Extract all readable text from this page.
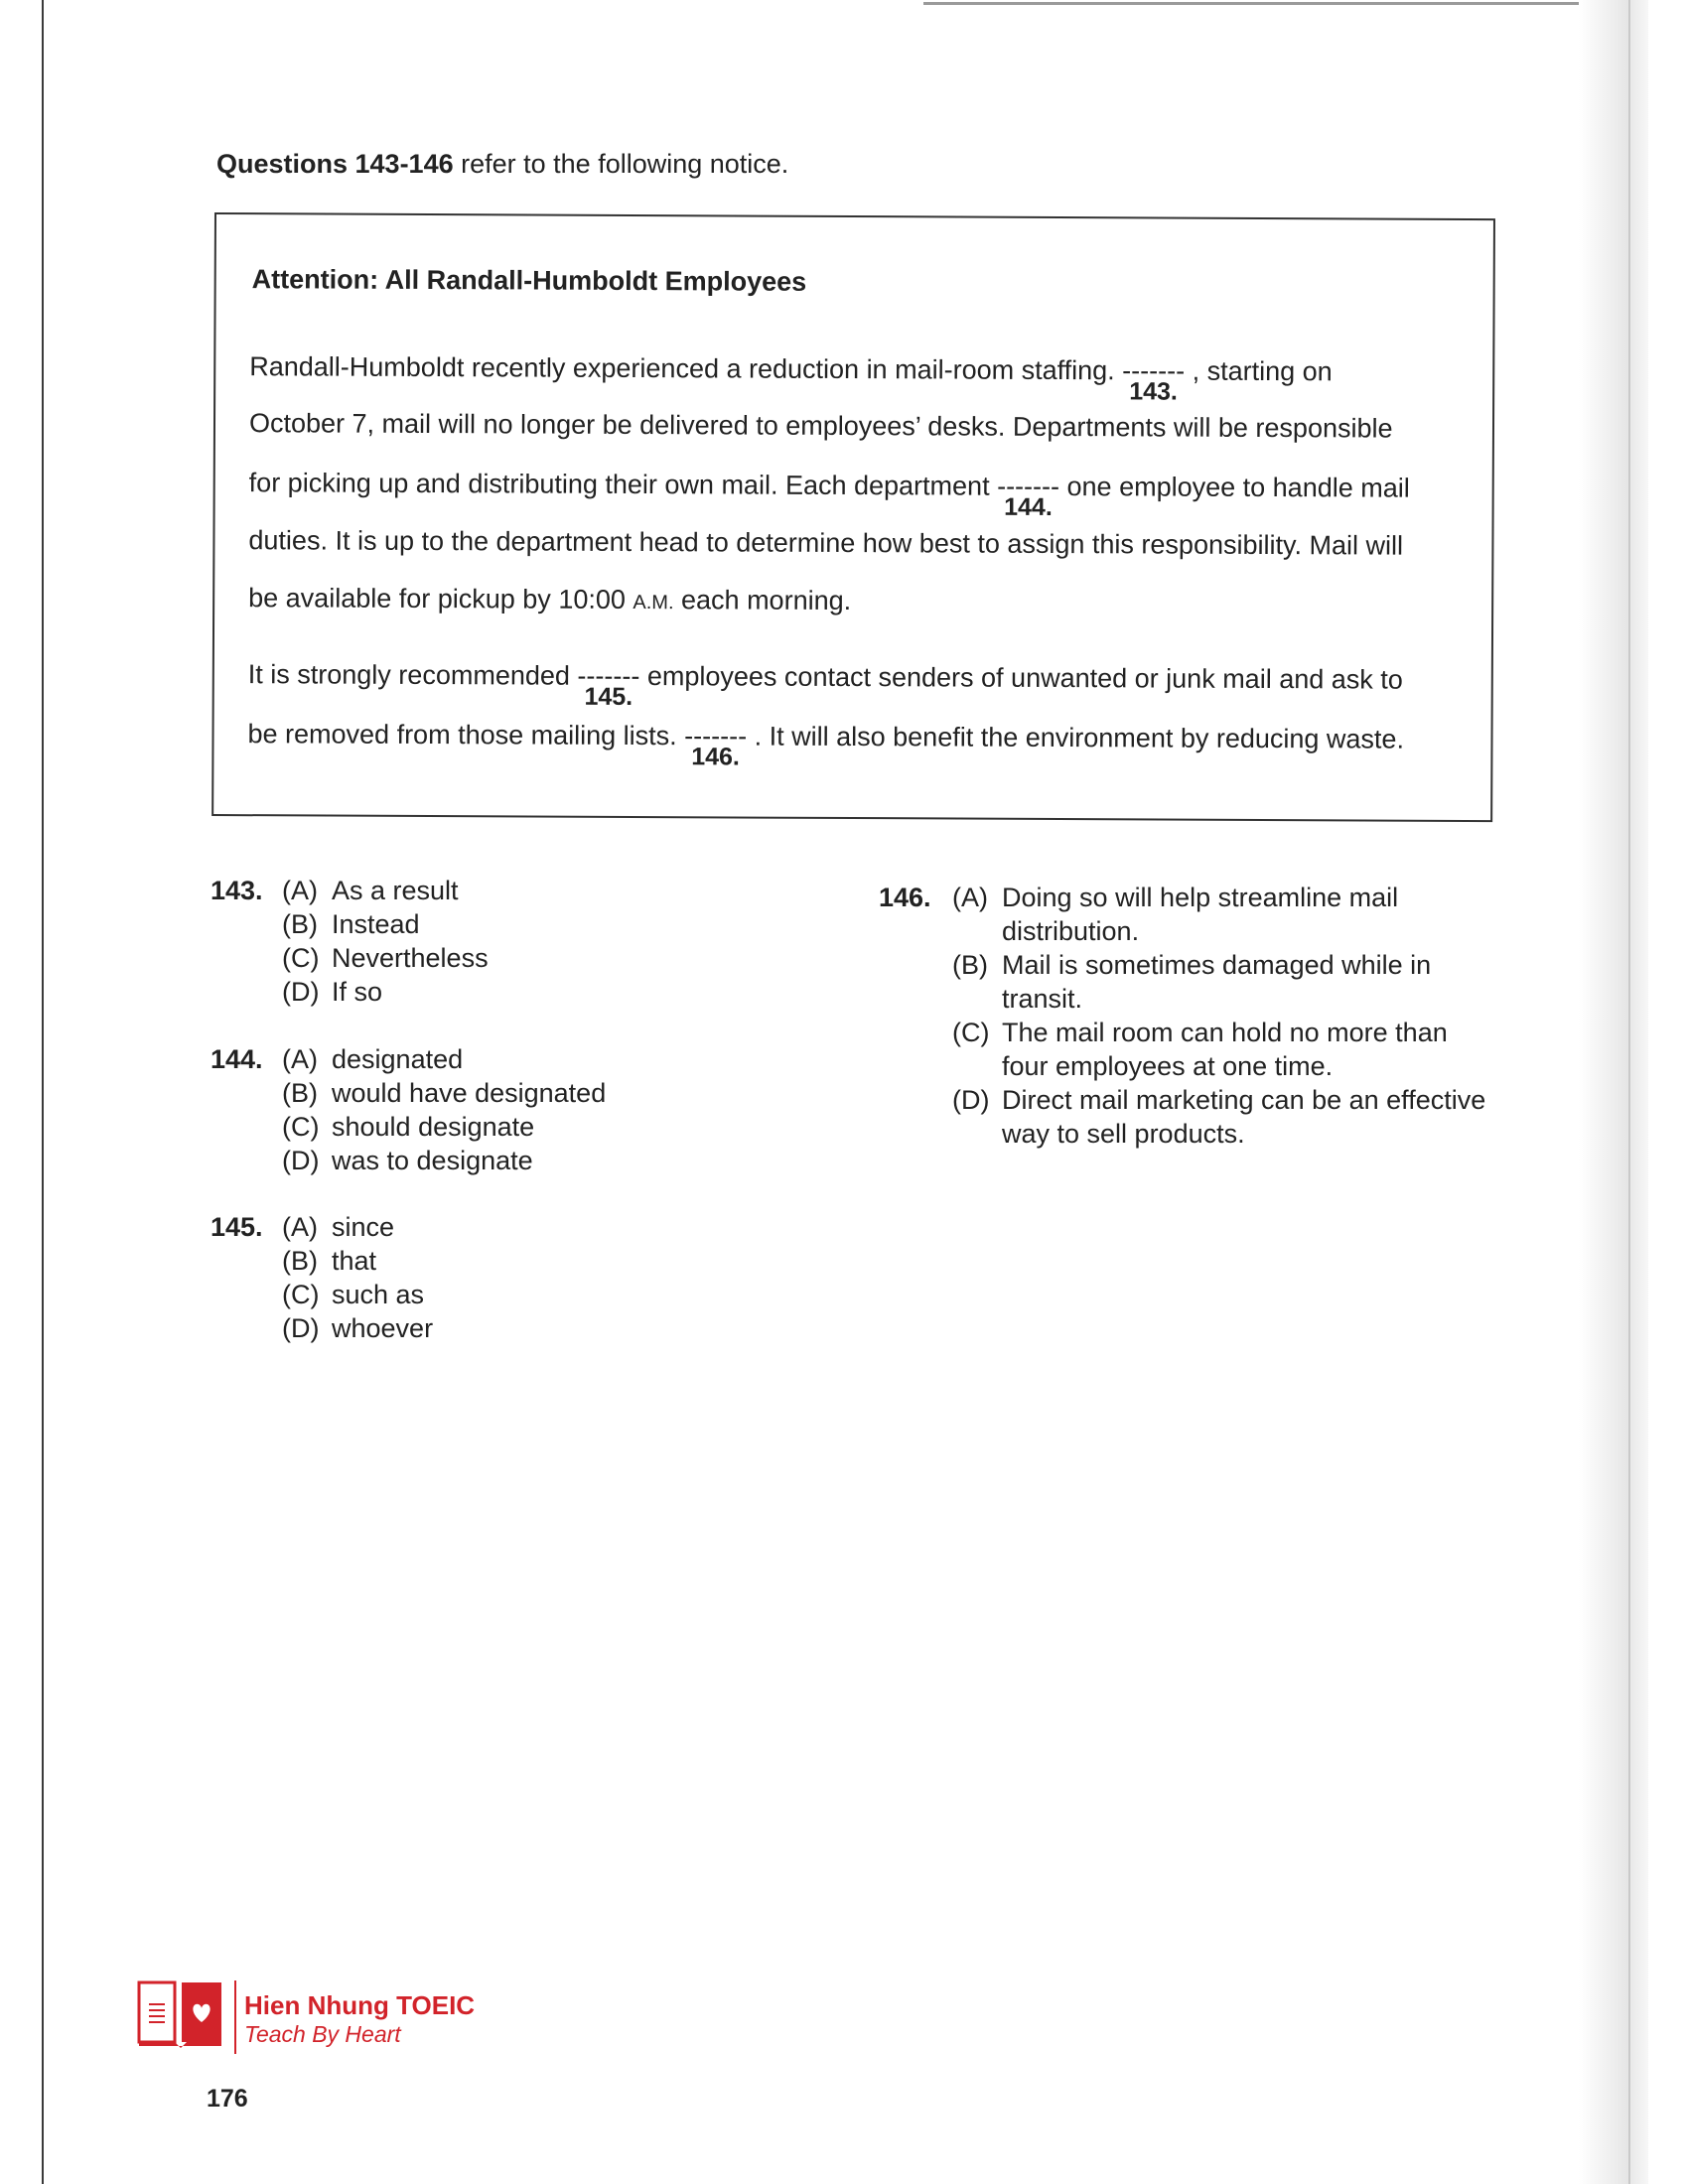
Questions 143-146 refer to the following notice.
Attention: All Randall-Humboldt Employees
Randall-Humboldt recently experienced a reduction in mail-room staffing. -------
143.
, starting on
October 7, mail will no longer be delivered to employees’ desks. Departments will be responsible
for picking up and distributing their own mail. Each department -------
144.
one employee to handle mail
duties. It is up to the department head to determine how best to assign this responsibility. Mail will
be available for pickup by 10:00 A.M. each morning.
It is strongly recommended -------
145.
employees contact senders of unwanted or junk mail and ask to
be removed from those mailing lists. -------
146.
. It will also benefit the environment by reducing waste.
143. (A) As a result
(B) Instead
(C) Nevertheless
(D) If so
144. (A) designated
(B) would have designated
(C) should designate
(D) was to designate
145. (A) since
(B) that
(C) such as
(D) whoever
146. (A) Doing so will help streamline mail distribution.
(B) Mail is sometimes damaged while in transit.
(C) The mail room can hold no more than four employees at one time.
(D) Direct mail marketing can be an effective way to sell products.
Hien Nhung TOEIC
Teach By Heart
176
